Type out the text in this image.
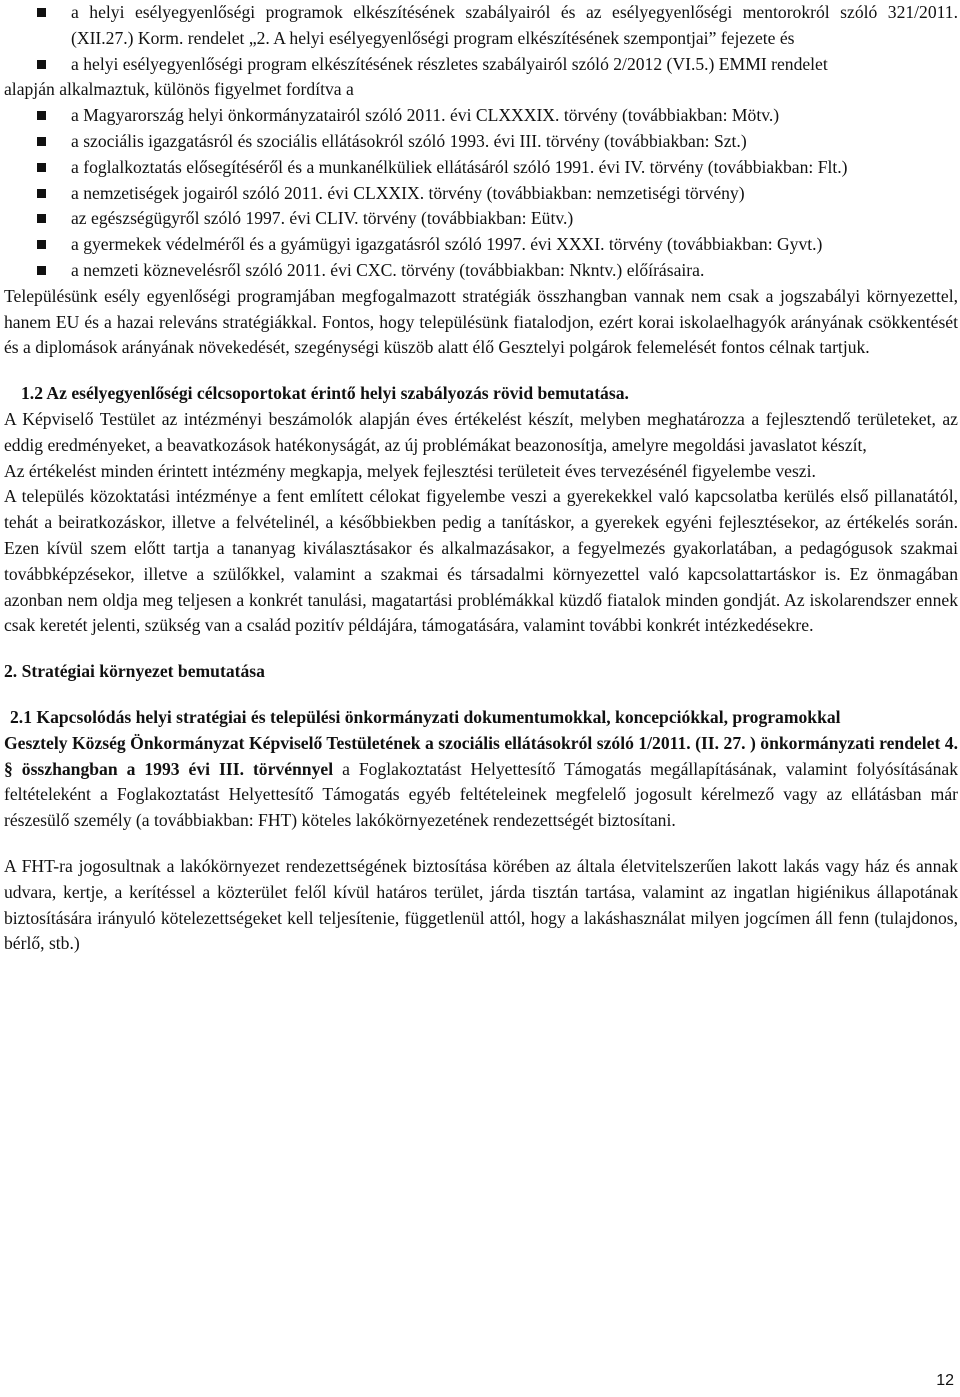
a helyi esélyegyenlőségi programok elkészítésének szabályairól és az esélyegyenlőségi mentorokról szóló 321/2011. (XII.27.) Korm. rendelet „2. A helyi esélyegyenlőségi program elkészítésének szempontjai” fejezete és
a helyi esélyegyenlőségi program elkészítésének részletes szabályairól szóló 2/2012 (VI.5.) EMMI rendelet

alapján alkalmaztuk, különös figyelmet fordítva a

a Magyarország helyi önkormányzatairól szóló 2011. évi CLXXXIX. törvény (továbbiakban: Mötv.)
a szociális igazgatásról és szociális ellátásokról szóló 1993. évi III. törvény (továbbiakban: Szt.)
a foglalkoztatás elősegítéséről és a munkanélküliek ellátásáról szóló 1991. évi IV. törvény (továbbiakban: Flt.)
a nemzetiségek jogairól szóló 2011. évi CLXXIX. törvény (továbbiakban: nemzetiségi törvény)
az egészségügyről szóló 1997. évi CLIV. törvény (továbbiakban: Eütv.)
a gyermekek védelméről és a gyámügyi igazgatásról szóló 1997. évi XXXI. törvény (továbbiakban: Gyvt.)
a nemzeti köznevelésről szóló 2011. évi CXC. törvény (továbbiakban: Nkntv.) előírásaira.

Településünk esély egyenlőségi programjában megfogalmazott stratégiák összhangban vannak nem csak a jogszabályi környezettel, hanem EU és a hazai releváns stratégiákkal. Fontos, hogy településünk fiatalodjon, ezért korai iskolaelhagyók arányának csökkentését és a diplomások arányának növekedését, szegénységi küszöb alatt élő Gesztelyi polgárok felemelését fontos célnak tartjuk.

1.2 Az esélyegyenlőségi célcsoportokat érintő helyi szabályozás rövid bemutatása.

A Képviselő Testület az intézményi beszámolók alapján éves értékelést készít, melyben meghatározza a fejlesztendő területeket, az eddig eredményeket, a beavatkozások hatékonyságát, az új problémákat beazonosítja, amelyre megoldási javaslatot készít,

Az értékelést minden érintett intézmény megkapja, melyek fejlesztési területeit éves tervezésénél figyelembe veszi.

A település közoktatási intézménye a fent említett célokat figyelembe veszi a gyerekekkel való kapcsolatba kerülés első pillanatától, tehát a beiratkozáskor, illetve a felvételinél, a későbbiekben pedig a tanításkor, a gyerekek egyéni fejlesztésekor, az értékelés során. Ezen kívül szem előtt tartja a tananyag kiválasztásakor és alkalmazásakor, a fegyelmezés gyakorlatában, a pedagógusok szakmai továbbképzésekor, illetve a szülőkkel, valamint a szakmai és társadalmi környezettel való kapcsolattartáskor is. Ez önmagában azonban nem oldja meg teljesen a konkrét tanulási, magatartási problémákkal küzdő fiatalok minden gondját. Az iskolarendszer ennek csak keretét jelenti, szükség van a család pozitív példájára, támogatására, valamint további konkrét intézkedésekre.

2. Stratégiai környezet bemutatása

2.1 Kapcsolódás helyi stratégiai és települési önkormányzati dokumentumokkal, koncepciókkal, programokkal

Gesztely Község Önkormányzat Képviselő Testületének a szociális ellátásokról szóló 1/2011. (II. 27. ) önkormányzati rendelet 4. § összhangban a 1993 évi III. törvénnyel a Foglakoztatást Helyettesítő Támogatás megállapításának, valamint folyósításának feltételeként a Foglakoztatást Helyettesítő Támogatás egyéb feltételeinek megfelelő jogosult kérelmező vagy az ellátásban már részesülő személy (a továbbiakban: FHT) köteles lakókörnyezetének rendezettségét biztosítani.

A FHT-ra jogosultnak a lakókörnyezet rendezettségének biztosítása körében az általa életvitelszerűen lakott lakás vagy ház és annak udvara, kertje, a kerítéssel a közterület felől kívül határos terület, járda tisztán tartása, valamint az ingatlan higiénikus állapotának biztosítására irányuló kötelezettségeket kell teljesítenie, függetlenül attól, hogy a lakáshasználat milyen jogcímen áll fenn (tulajdonos, bérlő, stb.)

12
